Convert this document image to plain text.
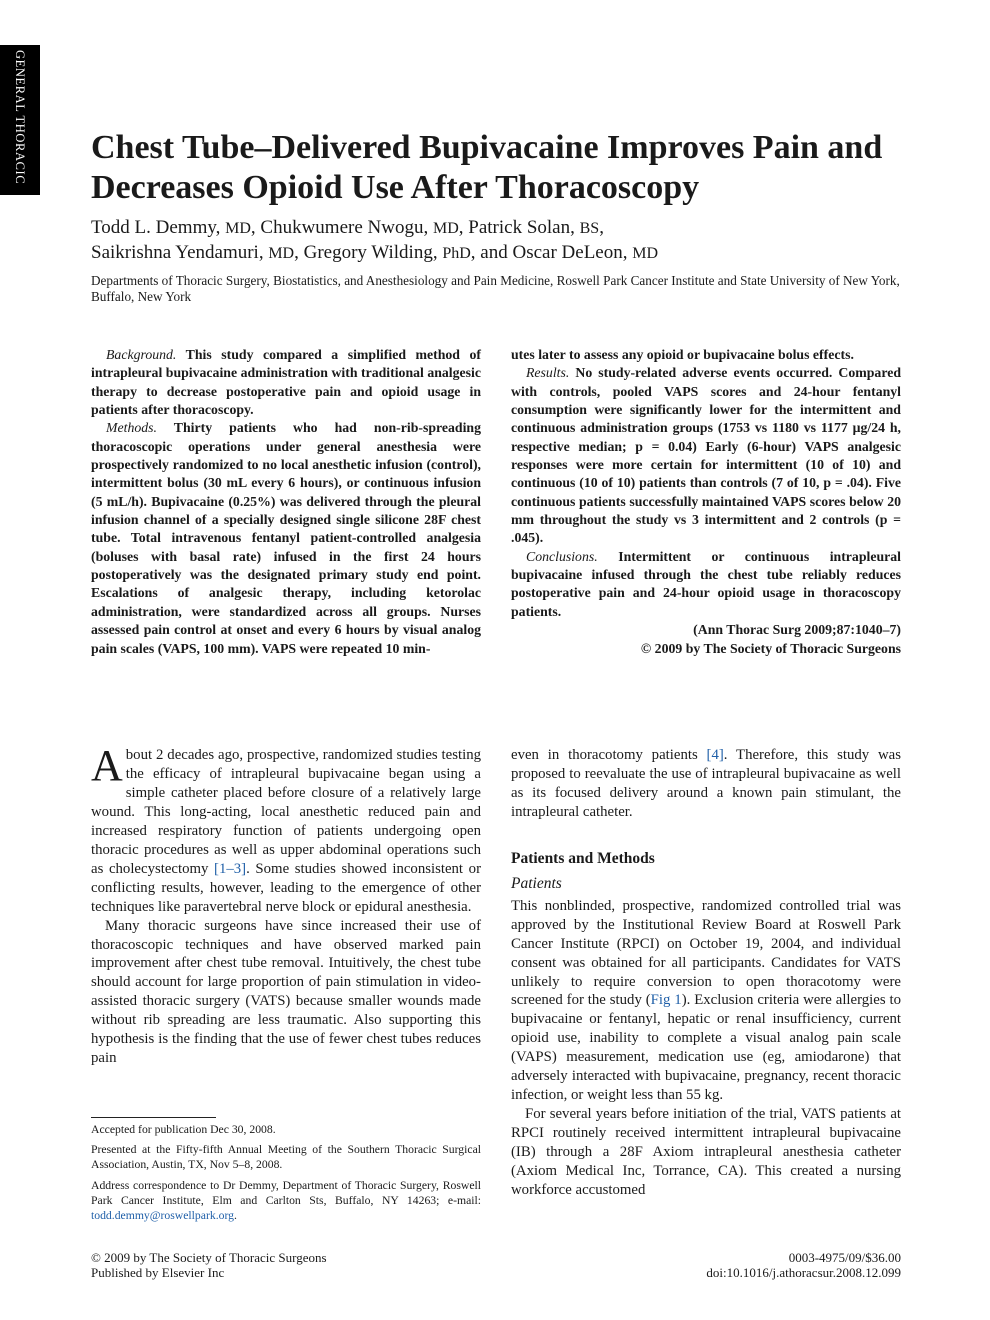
GENERAL THORACIC Chest Tube–Delivered Bupivacaine Improves Pain and Decreases Opioid Use After Thoracoscopy
Todd L. Demmy, MD, Chukwumere Nwogu, MD, Patrick Solan, BS,
Saikrishna Yendamuri, MD, Gregory Wilding, PhD, and Oscar DeLeon, MD

Departments of Thoracic Surgery, Biostatistics, and Anesthesiology and Pain Medicine, Roswell Park Cancer Institute and State University of New York, Buffalo, New York

Background. This study compared a simplified method of intrapleural bupivacaine administration with traditional analgesic therapy to decrease postoperative pain and opioid usage in patients after thoracoscopy.

Methods. Thirty patients who had non-rib-spreading thoracoscopic operations under general anesthesia were prospectively randomized to no local anesthetic infusion (control), intermittent bolus (30 mL every 6 hours), or continuous infusion (5 mL/h). Bupivacaine (0.25%) was delivered through the pleural infusion channel of a specially designed single silicone 28F chest tube. Total intravenous fentanyl patient-controlled analgesia (boluses with basal rate) infused in the first 24 hours postoperatively was the designated primary study end point. Escalations of analgesic therapy, including ketorolac administration, were standardized across all groups. Nurses assessed pain control at onset and every 6 hours by visual analog pain scales (VAPS, 100 mm). VAPS were repeated 10 min-

utes later to assess any opioid or bupivacaine bolus effects.

Results. No study-related adverse events occurred. Compared with controls, pooled VAPS scores and 24-hour fentanyl consumption were significantly lower for the intermittent and continuous administration groups (1753 vs 1180 vs 1177 μg/24 h, respective median; p = 0.04) Early (6-hour) VAPS analgesic responses were more certain for intermittent (10 of 10) and continuous (10 of 10) patients than controls (7 of 10, p = .04). Five continuous patients successfully maintained VAPS scores below 20 mm throughout the study vs 3 intermittent and 2 controls (p = .045).

Conclusions. Intermittent or continuous intrapleural bupivacaine infused through the chest tube reliably reduces postoperative pain and 24-hour opioid usage in thoracoscopy patients.

(Ann Thorac Surg 2009;87:1040–7)

© 2009 by The Society of Thoracic Surgeons

About 2 decades ago, prospective, randomized studies testing the efficacy of intrapleural bupivacaine began using a simple catheter placed before closure of a relatively large wound. This long-acting, local anesthetic reduced pain and increased respiratory function of patients undergoing open thoracic procedures as well as upper abdominal operations such as cholecystectomy [1–3]. Some studies showed inconsistent or conflicting results, however, leading to the emergence of other techniques like paravertebral nerve block or epidural anesthesia.

Many thoracic surgeons have since increased their use of thoracoscopic techniques and have observed marked pain improvement after chest tube removal. Intuitively, the chest tube should account for large proportion of pain stimulation in video-assisted thoracic surgery (VATS) because smaller wounds made without rib spreading are less traumatic. Also supporting this hypothesis is the finding that the use of fewer chest tubes reduces pain

Accepted for publication Dec 30, 2008.

Presented at the Fifty-fifth Annual Meeting of the Southern Thoracic Surgical Association, Austin, TX, Nov 5–8, 2008.

Address correspondence to Dr Demmy, Department of Thoracic Surgery, Roswell Park Cancer Institute, Elm and Carlton Sts, Buffalo, NY 14263; e-mail: todd.demmy@roswellpark.org.

even in thoracotomy patients [4]. Therefore, this study was proposed to reevaluate the use of intrapleural bupivacaine as well as its focused delivery around a known pain stimulant, the intrapleural catheter.

Patients and Methods
Patients

This nonblinded, prospective, randomized controlled trial was approved by the Institutional Review Board at Roswell Park Cancer Institute (RPCI) on October 19, 2004, and individual consent was obtained for all participants. Candidates for VATS unlikely to require conversion to open thoracotomy were screened for the study (Fig 1). Exclusion criteria were allergies to bupivacaine or fentanyl, hepatic or renal insufficiency, current opioid use, inability to complete a visual analog pain scale (VAPS) measurement, medication use (eg, amiodarone) that adversely interacted with bupivacaine, pregnancy, recent thoracic infection, or weight less than 55 kg.

For several years before initiation of the trial, VATS patients at RPCI routinely received intermittent intrapleural bupivacaine (IB) through a 28F Axiom intrapleural anesthesia catheter (Axiom Medical Inc, Torrance, CA). This created a nursing workforce accustomed

© 2009 by The Society of Thoracic Surgeons
Published by Elsevier Inc
0003-4975/09/$36.00
doi:10.1016/j.athoracsur.2008.12.099
